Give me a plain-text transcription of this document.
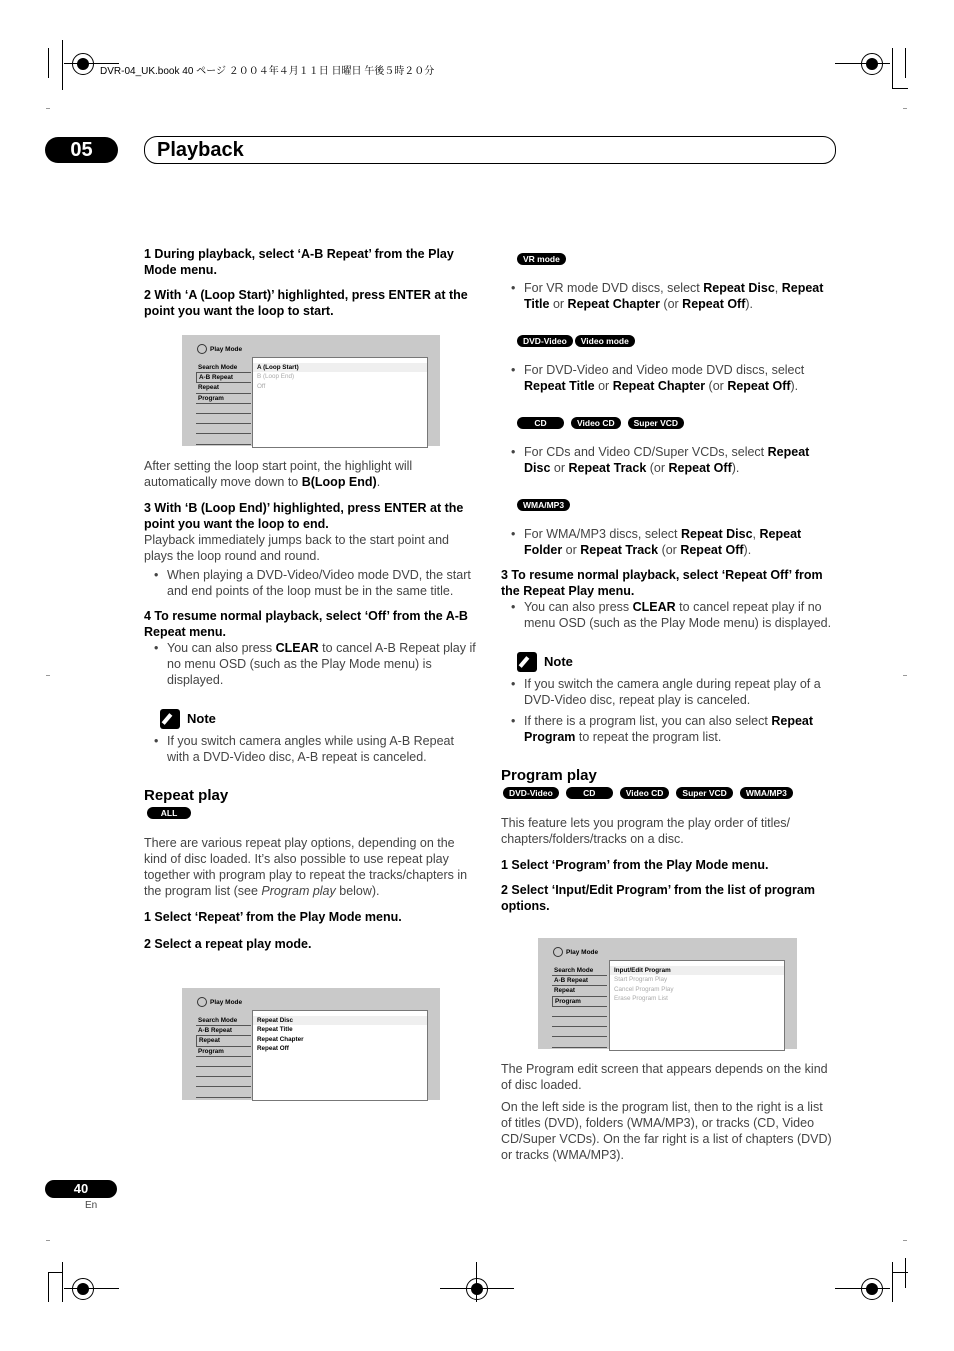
DVR-04_UK.book 40 ページ ２００４年４月１１日 日曜日 午後５時２０分
05	Playback

1 During playback, select ‘A-B Repeat’ from the Play Mode menu.

2 With ‘A (Loop Start)’ highlighted, press ENTER at the point you want the loop to start.

Play Mode
Search Mode
A-B Repeat
Repeat
Program
A (Loop Start)
B (Loop End)
Off

After setting the loop start point, the highlight will automatically move down to B(Loop End).

3 With ‘B (Loop End)’ highlighted, press ENTER at the point you want the loop to end.

Playback immediately jumps back to the start point and plays the loop round and round.

• When playing a DVD-Video/Video mode DVD, the start and end points of the loop must be in the same title.

4 To resume normal playback, select ‘Off’ from the A-B Repeat menu.

• You can also press CLEAR to cancel A-B Repeat play if no menu OSD (such as the Play Mode menu) is displayed.

Note

• If you switch camera angles while using A-B Repeat with a DVD-Video disc, A-B repeat is canceled.

Repeat play

ALL

There are various repeat play options, depending on the kind of disc loaded. It’s also possible to use repeat play together with program play to repeat the tracks/chapters in the program list (see Program play below).

1 Select ‘Repeat’ from the Play Mode menu.

2 Select a repeat play mode.

Play Mode
Search Mode
A-B Repeat
Repeat
Program
Repeat Disc
Repeat Title
Repeat Chapter
Repeat Off
VR mode

• For VR mode DVD discs, select Repeat Disc, Repeat Title or Repeat Chapter (or Repeat Off).

DVD-Video Video mode

• For DVD-Video and Video mode DVD discs, select Repeat Title or Repeat Chapter (or Repeat Off).

CD	Video CD Super VCD

• For CDs and Video CD/Super VCDs, select Repeat Disc or Repeat Track (or Repeat Off).

WMA/MP3

• For WMA/MP3 discs, select Repeat Disc, Repeat Folder or Repeat Track (or Repeat Off).

3 To resume normal playback, select ‘Repeat Off’ from the Repeat Play menu.

• You can also press CLEAR to cancel repeat play if no menu OSD (such as the Play Mode menu) is displayed.

Note

• If you switch the camera angle during repeat play of a DVD-Video disc, repeat play is canceled.

• If there is a program list, you can also select Repeat Program to repeat the program list.

Program play

DVD-Video	CD	Video CD Super VCD WMA/MP3

This feature lets you program the play order of titles/ chapters/folders/tracks on a disc.

1 Select ‘Program’ from the Play Mode menu.

2 Select ‘Input/Edit Program’ from the list of program options.

Play Mode
Search Mode
A-B Repeat
Repeat
Program
Input/Edit Program
Start Program Play
Cancel Program Play
Erase Program List

The Program edit screen that appears depends on the kind of disc loaded.

On the left side is the program list, then to the right is a list of titles (DVD), folders (WMA/MP3), or tracks (CD, Video CD/Super VCDs). On the far right is a list of chapters (DVD) or tracks (WMA/MP3).

40
En
